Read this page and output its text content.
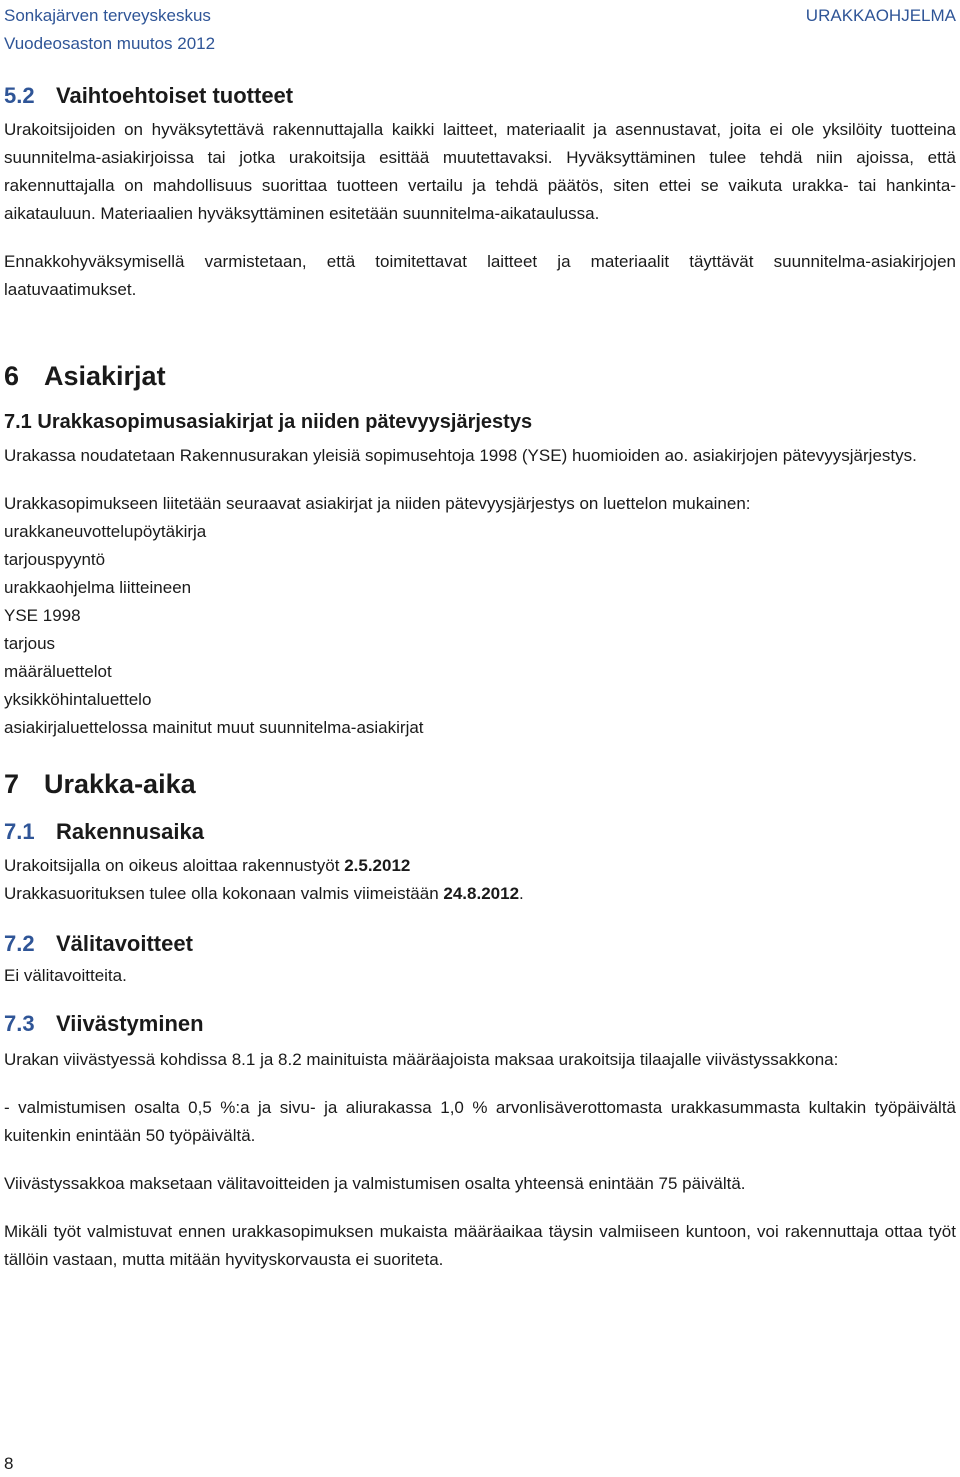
Sonkajärven terveyskeskus	URAKKAOHJELMA
Vuodeosaston muutos 2012
5.2 Vaihtoehtoiset tuotteet

Urakoitsijoiden on hyväksytettävä rakennuttajalla kaikki laitteet, materiaalit ja asennustavat, joita ei ole yksilöity tuotteina suunnitelma-asiakirjoissa tai jotka urakoitsija esittää muutettavaksi. Hyväksyttäminen tulee tehdä niin ajoissa, että rakennuttajalla on mahdollisuus suorittaa tuotteen vertailu ja tehdä päätös, siten ettei se vaikuta urakka- tai hankinta-aikatauluun. Materiaalien hyväksyttäminen esitetään suunnitelma-aikataulussa.

Ennakkohyväksymisellä varmistetaan, että toimitettavat laitteet ja materiaalit täyttävät suunnitelma-asiakirjojen laatuvaatimukset.

6 Asiakirjat
7.1 Urakkasopimusasiakirjat ja niiden pätevyysjärjestys

Urakassa noudatetaan Rakennusurakan yleisiä sopimusehtoja 1998 (YSE) huomioiden ao. asiakirjojen pätevyysjärjestys.

Urakkasopimukseen liitetään seuraavat asiakirjat ja niiden pätevyysjärjestys on luettelon mukainen:

urakkaneuvottelupöytäkirja

tarjouspyyntö

urakkaohjelma liitteineen

YSE 1998

tarjous

määräluettelot

yksikköhintaluettelo

asiakirjaluettelossa mainitut muut suunnitelma-asiakirjat

7 Urakka-aika
7.1 Rakennusaika

Urakoitsijalla on oikeus aloittaa rakennustyöt 2.5.2012

Urakkasuorituksen tulee olla kokonaan valmis viimeistään 24.8.2012.

7.2 Välitavoitteet

Ei välitavoitteita.

7.3 Viivästyminen

Urakan viivästyessä kohdissa 8.1 ja 8.2 mainituista määräajoista maksaa urakoitsija tilaajalle viivästyssakkona:

- valmistumisen osalta 0,5 %:a ja sivu- ja aliurakassa 1,0 % arvonlisäverottomasta urakkasummasta kultakin työpäivältä kuitenkin enintään 50 työpäivältä.

Viivästyssakkoa maksetaan välitavoitteiden ja valmistumisen osalta yhteensä enintään 75 päivältä.

Mikäli työt valmistuvat ennen urakkasopimuksen mukaista määräaikaa täysin valmiiseen kuntoon, voi rakennuttaja ottaa työt tällöin vastaan, mutta mitään hyvityskorvausta ei suoriteta.

8
